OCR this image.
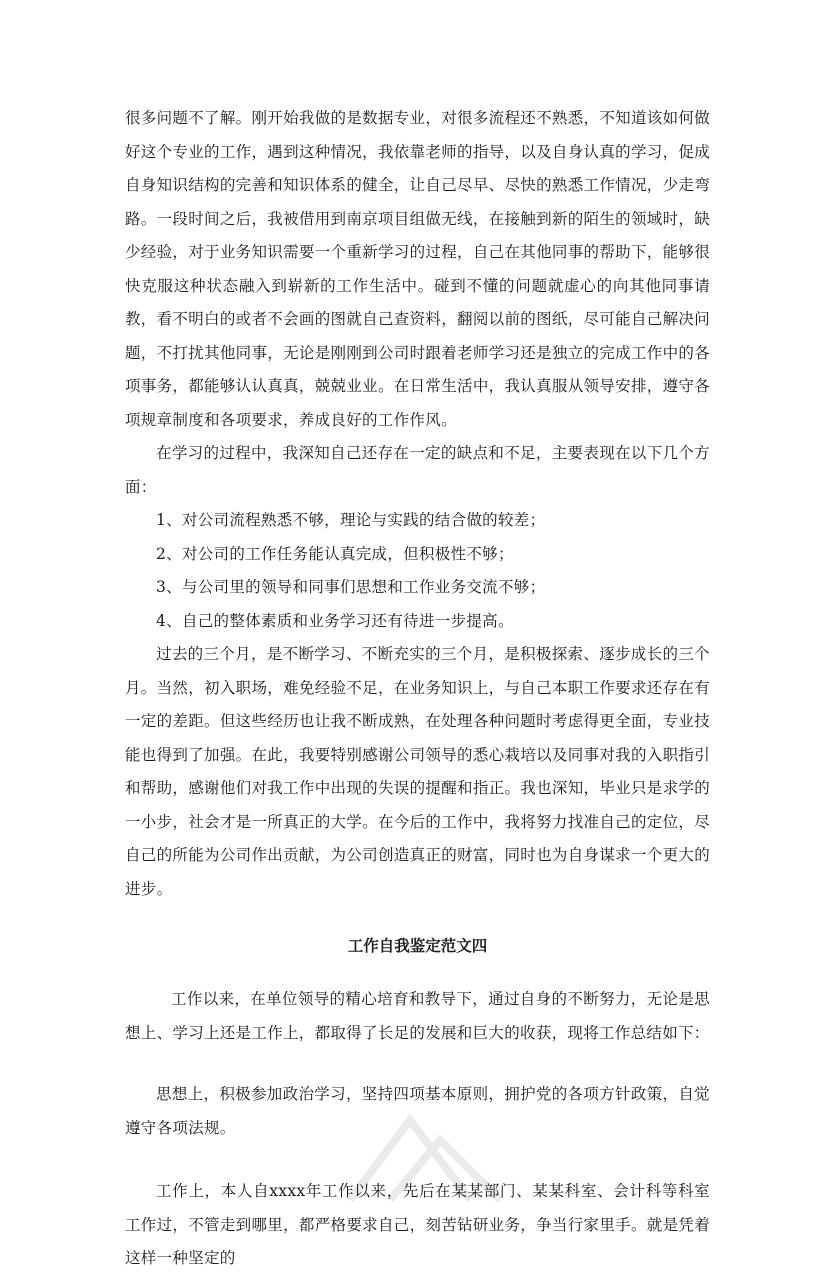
很多问题不了解。刚开始我做的是数据专业，对很多流程还不熟悉，不知道该如何做好这个专业的工作，遇到这种情况，我依靠老师的指导，以及自身认真的学习，促成自身知识结构的完善和知识体系的健全，让自己尽早、尽快的熟悉工作情况，少走弯路。一段时间之后，我被借用到南京项目组做无线，在接触到新的陌生的领域时，缺少经验，对于业务知识需要一个重新学习的过程，自己在其他同事的帮助下，能够很快克服这种状态融入到崭新的工作生活中。碰到不懂的问题就虚心的向其他同事请教，看不明白的或者不会画的图就自己查资料，翻阅以前的图纸，尽可能自己解决问题，不打扰其他同事，无论是刚刚到公司时跟着老师学习还是独立的完成工作中的各项事务，都能够认认真真，兢兢业业。在日常生活中，我认真服从领导安排，遵守各项规章制度和各项要求，养成良好的工作作风。

在学习的过程中，我深知自己还存在一定的缺点和不足，主要表现在以下几个方面：

1、对公司流程熟悉不够，理论与实践的结合做的较差；

2、对公司的工作任务能认真完成，但积极性不够；

3、与公司里的领导和同事们思想和工作业务交流不够；

4、自己的整体素质和业务学习还有待进一步提高。

过去的三个月，是不断学习、不断充实的三个月，是积极探索、逐步成长的三个月。当然，初入职场，难免经验不足，在业务知识上，与自己本职工作要求还存在有一定的差距。但这些经历也让我不断成熟，在处理各种问题时考虑得更全面，专业技能也得到了加强。在此，我要特别感谢公司领导的悉心栽培以及同事对我的入职指引和帮助，感谢他们对我工作中出现的失误的提醒和指正。我也深知，毕业只是求学的一小步，社会才是一所真正的大学。在今后的工作中，我将努力找准自己的定位，尽自己的所能为公司作出贡献，为公司创造真正的财富，同时也为自身谋求一个更大的进步。

工作自我鉴定范文四

工作以来，在单位领导的精心培育和教导下，通过自身的不断努力，无论是思想上、学习上还是工作上，都取得了长足的发展和巨大的收获，现将工作总结如下：

思想上，积极参加政治学习，坚持四项基本原则，拥护党的各项方针政策，自觉遵守各项法规。

工作上，本人自xxxx年工作以来，先后在某某部门、某某科室、会计科等科室工作过，不管走到哪里，都严格要求自己，刻苦钻研业务，争当行家里手。就是凭着这样一种坚定的
